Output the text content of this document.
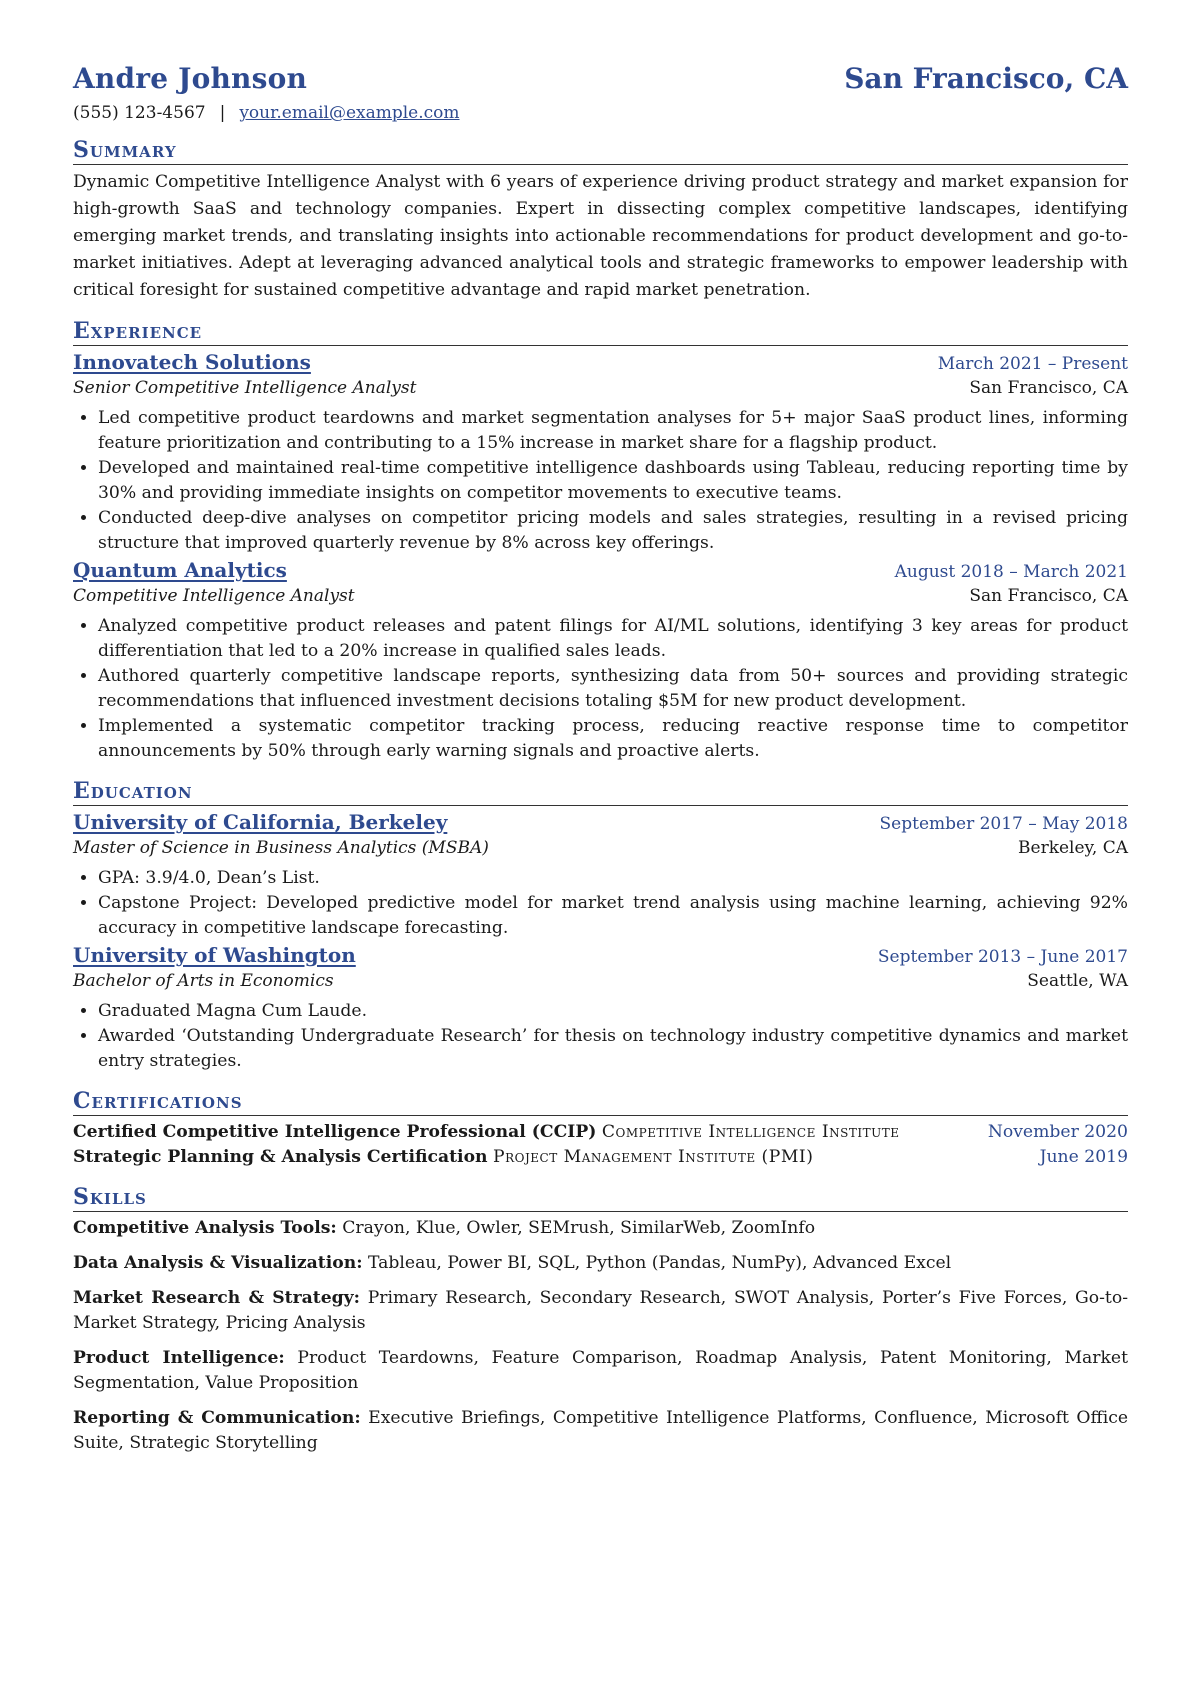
Andre Johnson	San Francisco, CA
(555) 123-4567 | your.email@example.com
Summary

Dynamic Competitive Intelligence Analyst with 6 years of experience driving product strategy and market expansion for high-growth SaaS and technology companies. Expert in dissecting complex competitive landscapes, identifying emerging market trends, and translating insights into actionable recommendations for product development and go-to-market initiatives. Adept at leveraging advanced analytical tools and strategic frameworks to empower leadership with critical foresight for sustained competitive advantage and rapid market penetration.

Experience
Innovatech Solutions	March 2021 – Present
Senior Competitive Intelligence Analyst	San Francisco, CA
• Led competitive product teardowns and market segmentation analyses for 5+ major SaaS product lines, informing feature prioritization and contributing to a 15% increase in market share for a flagship product.
• Developed and maintained real-time competitive intelligence dashboards using Tableau, reducing reporting time by 30% and providing immediate insights on competitor movements to executive teams.
• Conducted deep-dive analyses on competitor pricing models and sales strategies, resulting in a revised pricing structure that improved quarterly revenue by 8% across key offerings.
Quantum Analytics	August 2018 – March 2021
Competitive Intelligence Analyst	San Francisco, CA
• Analyzed competitive product releases and patent filings for AI/ML solutions, identifying 3 key areas for product differentiation that led to a 20% increase in qualified sales leads.
• Authored quarterly competitive landscape reports, synthesizing data from 50+ sources and providing strategic recommendations that influenced investment decisions totaling $5M for new product development.
• Implemented a systematic competitor tracking process, reducing reactive response time to competitor announcements by 50% through early warning signals and proactive alerts.
Education
University of California, Berkeley	September 2017 – May 2018
Master of Science in Business Analytics (MSBA)	Berkeley, CA
• GPA: 3.9/4.0, Dean’s List.
• Capstone Project: Developed predictive model for market trend analysis using machine learning, achieving 92% accuracy in competitive landscape forecasting.
University of Washington	September 2013 – June 2017
Bachelor of Arts in Economics	Seattle, WA
• Graduated Magna Cum Laude.
• Awarded ‘Outstanding Undergraduate Research’ for thesis on technology industry competitive dynamics and market entry strategies.
Certifications
Certified Competitive Intelligence Professional (CCIP) Competitive Intelligence Institute	November 2020
Strategic Planning & Analysis Certification Project Management Institute (PMI)	June 2019
Skills

Competitive Analysis Tools: Crayon, Klue, Owler, SEMrush, SimilarWeb, ZoomInfo

Data Analysis & Visualization: Tableau, Power BI, SQL, Python (Pandas, NumPy), Advanced Excel

Market Research & Strategy: Primary Research, Secondary Research, SWOT Analysis, Porter’s Five Forces, Go-to-Market Strategy, Pricing Analysis

Product Intelligence: Product Teardowns, Feature Comparison, Roadmap Analysis, Patent Monitoring, Market Segmentation, Value Proposition

Reporting & Communication: Executive Briefings, Competitive Intelligence Platforms, Confluence, Microsoft Office Suite, Strategic Storytelling
